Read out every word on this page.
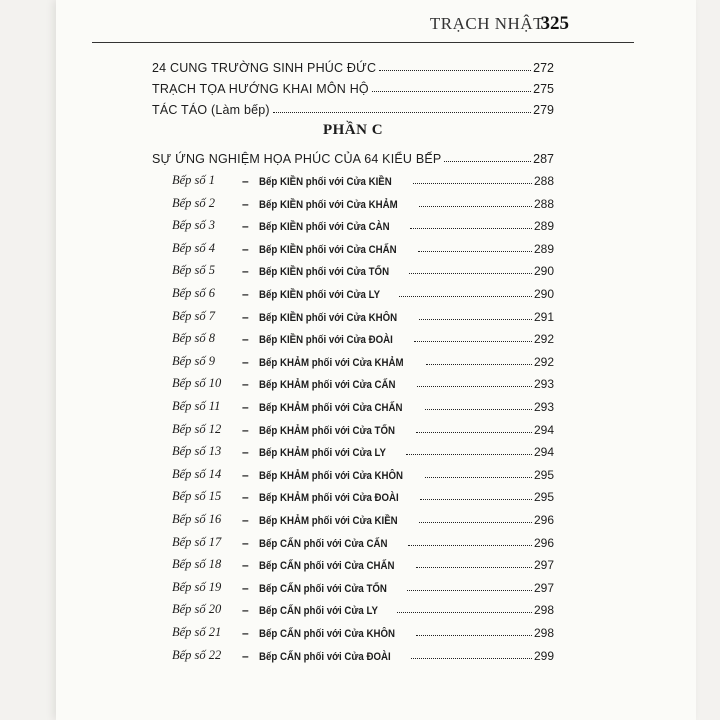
TRẠCH NHẬT
325
24 CUNG TRƯỜNG SINH PHÚC ĐỨC	272
TRẠCH TỌA HƯỚNG KHAI MÔN HỘ	275
TÁC TÁO (Làm bếp)	279
PHẦN C
SỰ ỨNG NGHIỆM HỌA PHÚC CỦA 64 KIỂU BẾP	287
Bếp số 1	– Bếp KIỀN phối với Cửa KIỀN	288
Bếp số 2	– Bếp KIỀN phối với Cửa KHẢM	288
Bếp số 3	– Bếp KIỀN phối với Cửa CÀN	289
Bếp số 4	– Bếp KIỀN phối với Cửa CHẤN	289
Bếp số 5	– Bếp KIỀN phối với Cửa TỐN	290
Bếp số 6	– Bếp KIỀN phối với Cửa LY	290
Bếp số 7	– Bếp KIỀN phối với Cửa KHÔN	291
Bếp số 8	– Bếp KIỀN phối với Cửa ĐOÀI	292
Bếp số 9	– Bếp KHẢM phối với Cửa KHẢM	292
Bếp số 10	– Bếp KHẢM phối với Cửa CẤN	293
Bếp số 11	– Bếp KHẢM phối với Cửa CHẤN	293
Bếp số 12	– Bếp KHẢM phối với Cửa TỐN	294
Bếp số 13	– Bếp KHẢM phối với Cửa LY	294
Bếp số 14	– Bếp KHẢM phối với Cửa KHÔN	295
Bếp số 15	– Bếp KHẢM phối với Cửa ĐOÀI	295
Bếp số 16	– Bếp KHẢM phối với Cửa KIỀN	296
Bếp số 17	– Bếp CẤN phối với Cửa CẤN	296
Bếp số 18	– Bếp CẤN phối với Cửa CHẤN	297
Bếp số 19	– Bếp CẤN phối với Cửa TỐN	297
Bếp số 20	– Bếp CẤN phối với Cửa LY	298
Bếp số 21	– Bếp CẤN phối với Cửa KHÔN	298
Bếp số 22	– Bếp CẤN phối với Cửa ĐOÀI	299
